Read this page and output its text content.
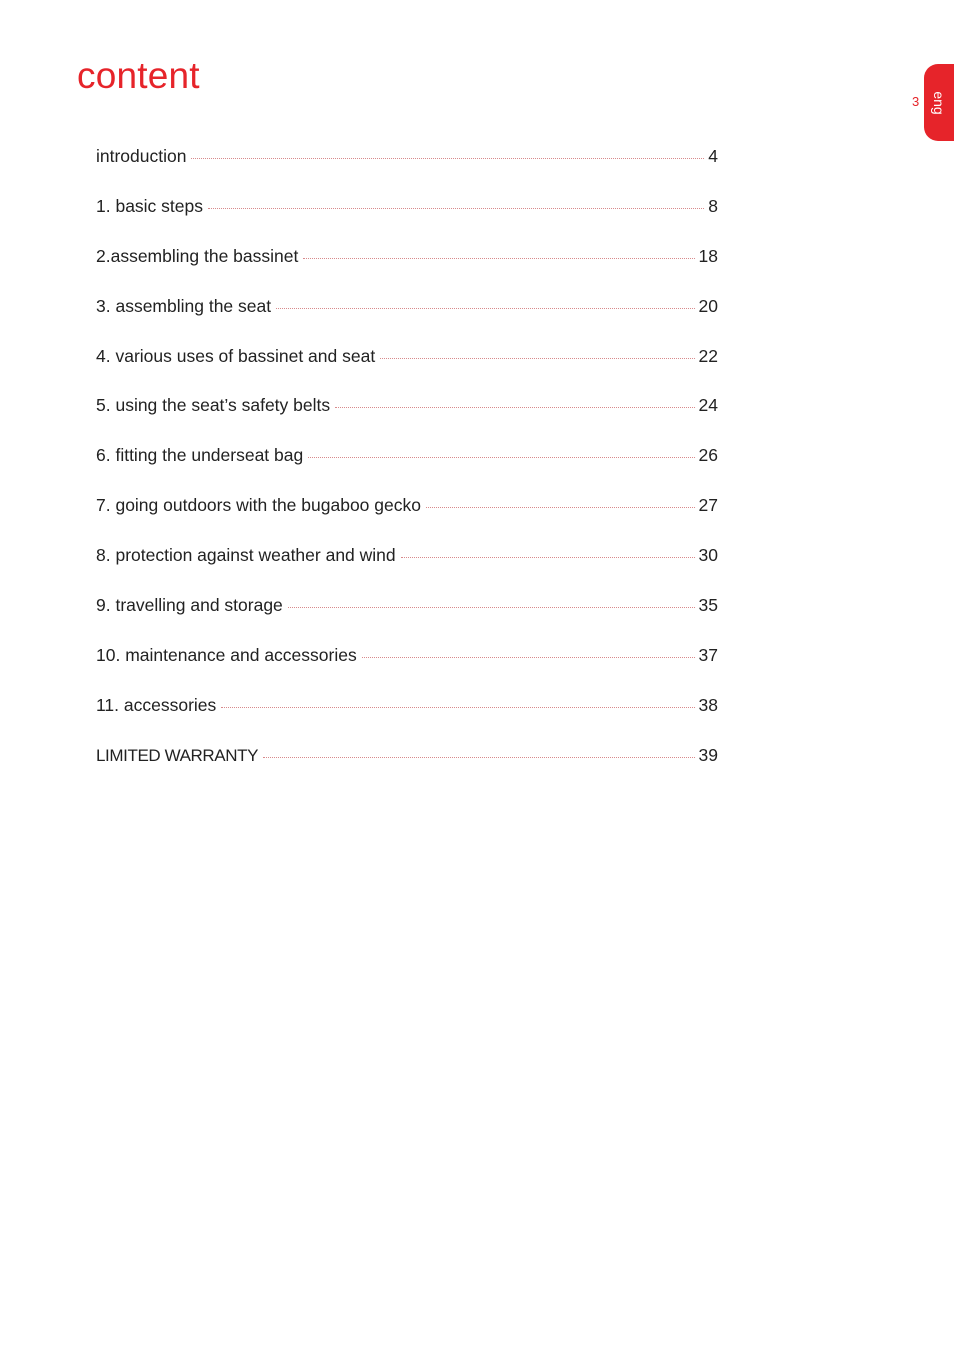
content
eng
3
introduction	4
1. basic steps	8
2.assembling the bassinet	18
3. assembling the seat	20
4. various uses of bassinet and seat	22
5. using the seat’s safety belts	24
6. fitting the underseat bag	26
7. going outdoors with the bugaboo gecko	27
8. protection against weather and wind	30
9. travelling and storage	35
10. maintenance and accessories	37
11. accessories	38
LIMITED WARRANTY	39
